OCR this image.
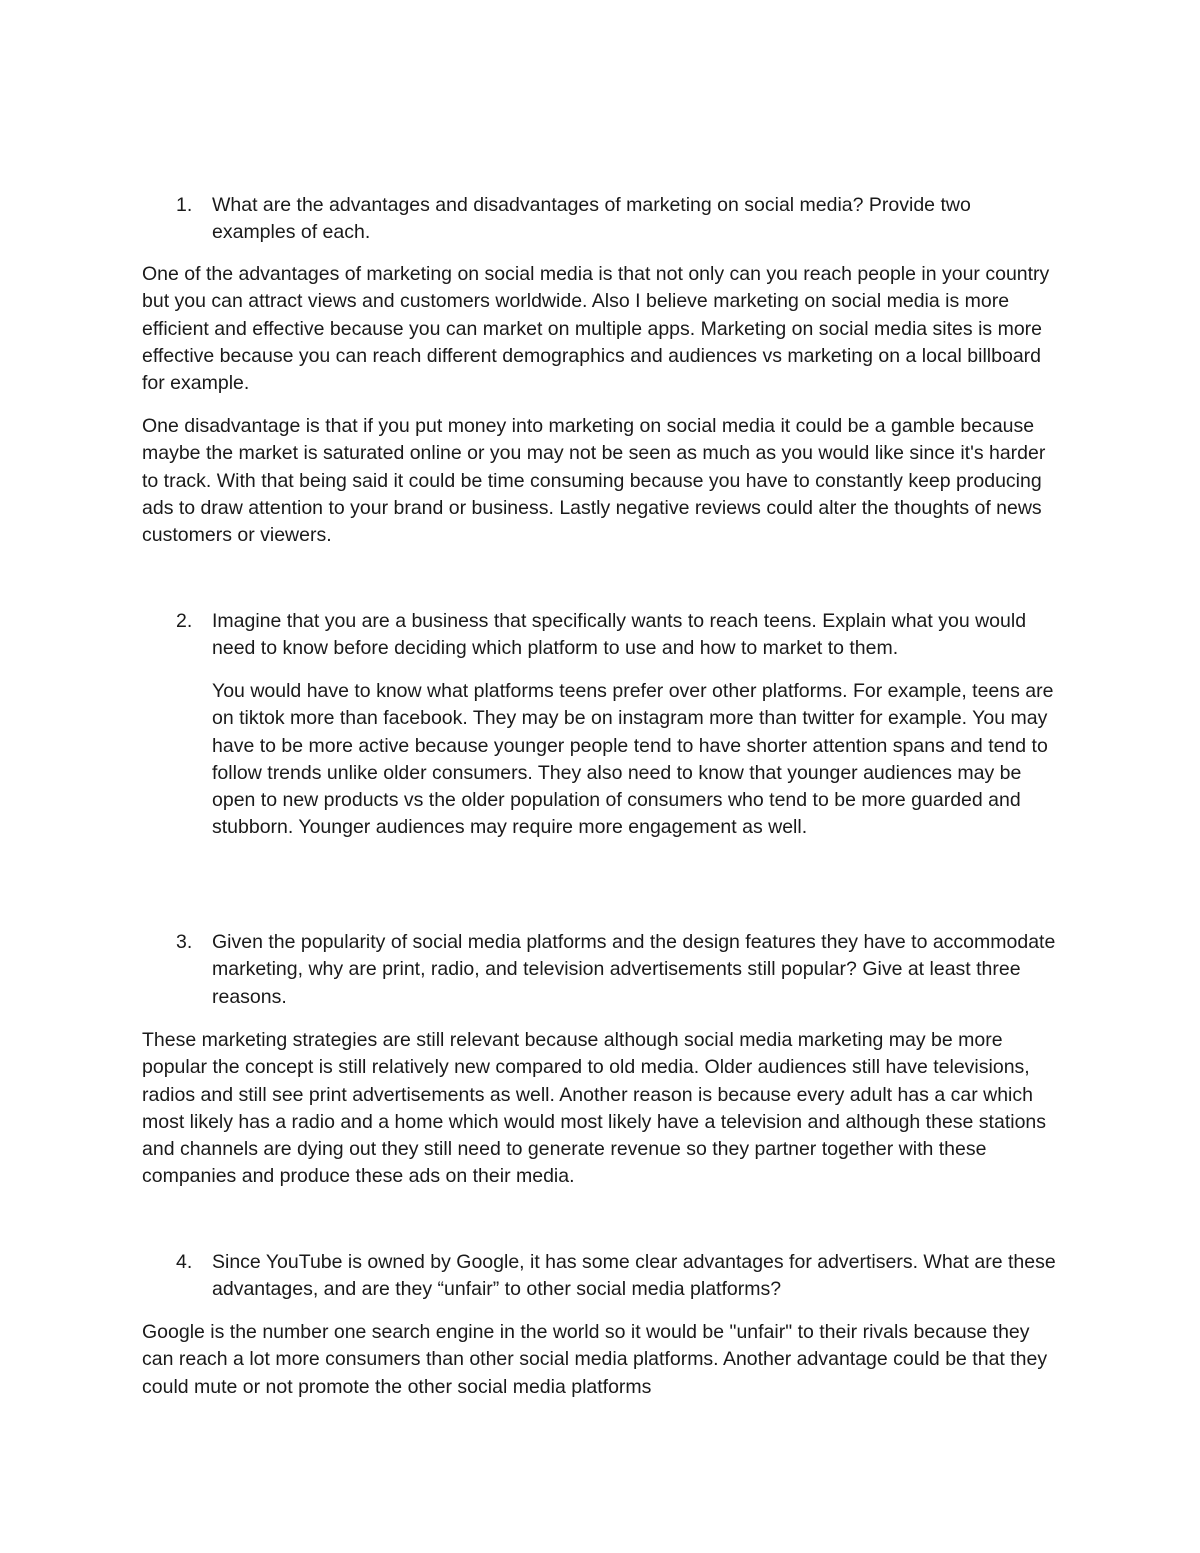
1. What are the advantages and disadvantages of marketing on social media? Provide two examples of each.
One of the advantages of marketing on social media is that not only can you reach people in your country but you can attract views and customers worldwide. Also I believe marketing on social media is more efficient and effective because you can market on multiple apps. Marketing on social media sites is more effective because you can reach different demographics and audiences vs marketing on a local billboard for example.
One disadvantage is that if you put money into marketing on social media it could be a gamble because maybe the market is saturated online or you may not be seen as much as you would like since it's harder to track. With that being said it could be time consuming because you have to constantly keep producing ads to draw attention to your brand or business. Lastly negative reviews could alter the thoughts of news customers or viewers.
2. Imagine that you are a business that specifically wants to reach teens. Explain what you would need to know before deciding which platform to use and how to market to them.
You would have to know what platforms teens prefer over other platforms. For example, teens are on tiktok more than facebook. They may be on instagram more than twitter for example. You may have to be more active because younger people tend to have shorter attention spans and tend to follow trends unlike older consumers. They also need to know that younger audiences may be open to new products vs the older population of consumers who tend to be more guarded and stubborn. Younger audiences may require more engagement as well.
3. Given the popularity of social media platforms and the design features they have to accommodate marketing, why are print, radio, and television advertisements still popular? Give at least three reasons.
These marketing strategies are still relevant because although social media marketing may be more popular the concept is still relatively new compared to old media. Older audiences still have televisions, radios and still see print advertisements as well. Another reason is because every adult has a car which most likely has a radio and a home which would most likely have a television and although these stations and channels are dying out they still need to generate revenue so they partner together with these companies and produce these ads on their media.
4. Since YouTube is owned by Google, it has some clear advantages for advertisers. What are these advantages, and are they “unfair” to other social media platforms?
Google is the number one search engine in the world so it would be "unfair" to their rivals because they can reach a lot more consumers than other social media platforms. Another advantage could be that they could mute or not promote the other social media platforms
